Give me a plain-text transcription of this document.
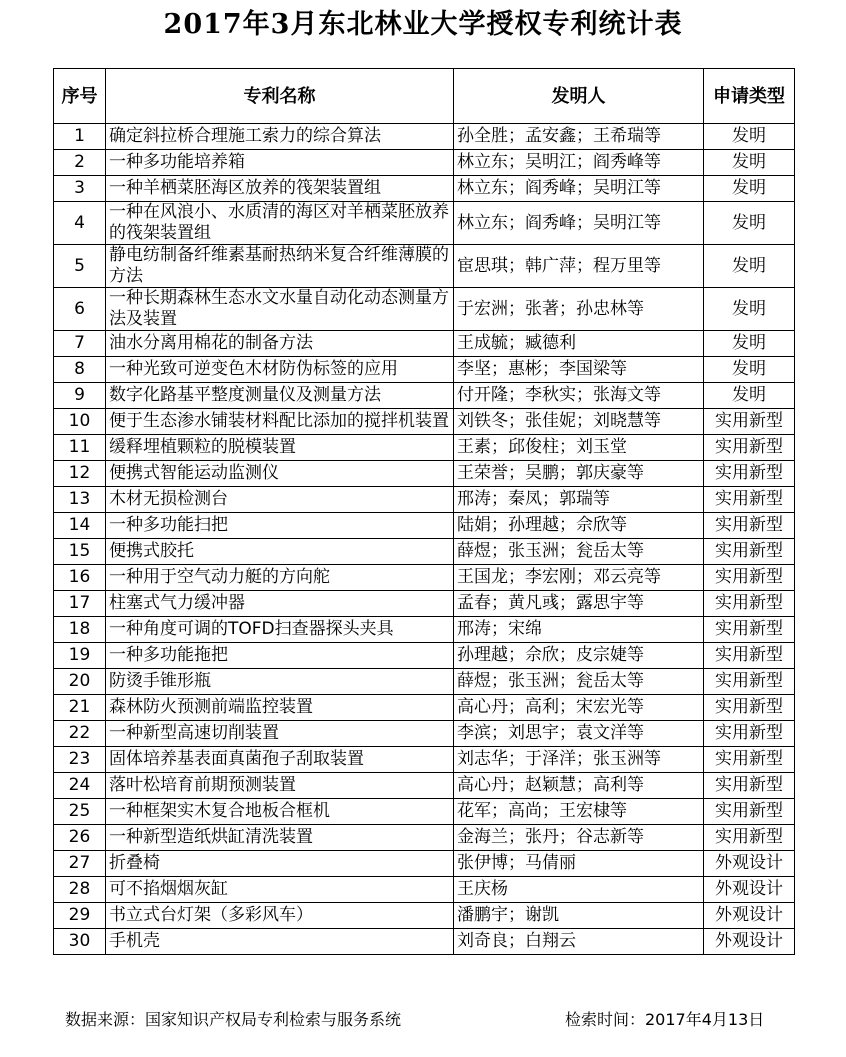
2017年3月东北林业大学授权专利统计表
序号	专利名称	发明人	申请类型
1	确定斜拉桥合理施工索力的综合算法	孙全胜；孟安鑫；王希瑞等	发明
2	一种多功能培养箱	林立东；吴明江；阎秀峰等	发明
3	一种羊栖菜胚海区放养的筏架装置组	林立东；阎秀峰；吴明江等	发明
4	一种在风浪小、水质清的海区对羊栖菜胚放养的筏架装置组	林立东；阎秀峰；吴明江等	发明
5	静电纺制备纤维素基耐热纳米复合纤维薄膜的方法	宦思琪；韩广萍；程万里等	发明
6	一种长期森林生态水文水量自动化动态测量方法及装置	于宏洲；张著；孙忠林等	发明
7	油水分离用棉花的制备方法	王成毓；臧德利	发明
8	一种光致可逆变色木材防伪标签的应用	李坚；惠彬；李国梁等	发明
9	数字化路基平整度测量仪及测量方法	付开隆；李秋实；张海文等	发明
10	便于生态渗水铺装材料配比添加的搅拌机装置	刘铁冬；张佳妮；刘晓慧等	实用新型
11	缓释埋植颗粒的脱模装置	王素；邱俊柱；刘玉堂	实用新型
12	便携式智能运动监测仪	王荣誉；吴鹏；郭庆豪等	实用新型
13	木材无损检测台	邢涛；秦凤；郭瑞等	实用新型
14	一种多功能扫把	陆娟；孙理越；佘欣等	实用新型
15	便携式胶托	薛煜；张玉洲；瓮岳太等	实用新型
16	一种用于空气动力艇的方向舵	王国龙；李宏刚；邓云亮等	实用新型
17	柱塞式气力缓冲器	孟春；黄凡彧；露思宇等	实用新型
18	一种角度可调的TOFD扫查器探头夹具	邢涛；宋绵	实用新型
19	一种多功能拖把	孙理越；佘欣；皮宗婕等	实用新型
20	防烫手锥形瓶	薛煜；张玉洲；瓮岳太等	实用新型
21	森林防火预测前端监控装置	高心丹；高利；宋宏光等	实用新型
22	一种新型高速切削装置	李滨；刘思宇；袁文洋等	实用新型
23	固体培养基表面真菌孢子刮取装置	刘志华；于泽洋；张玉洲等	实用新型
24	落叶松培育前期预测装置	高心丹；赵颖慧；高利等	实用新型
25	一种框架实木复合地板合框机	花军；高尚；王宏棣等	实用新型
26	一种新型造纸烘缸清洗装置	金海兰；张丹；谷志新等	实用新型
27	折叠椅	张伊博；马倩丽	外观设计
28	可不掐烟烟灰缸	王庆杨	外观设计
29	书立式台灯架（多彩风车）	潘鹏宇；谢凯	外观设计
30	手机壳	刘奇良；白翔云	外观设计
数据来源：国家知识产权局专利检索与服务系统	检索时间：2017年4月13日
